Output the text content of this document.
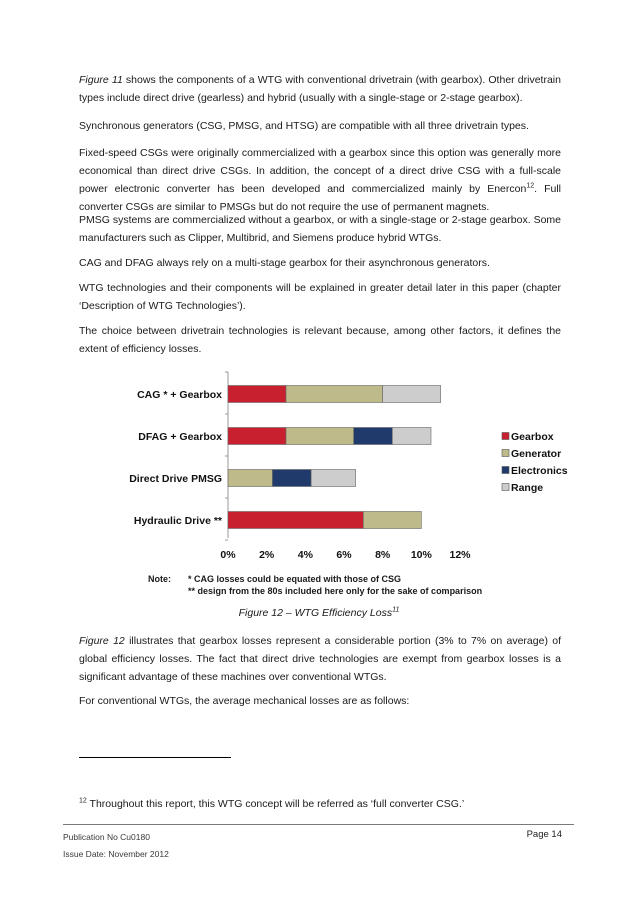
Figure 11 shows the components of a WTG with conventional drivetrain (with gearbox). Other drivetrain types include direct drive (gearless) and hybrid (usually with a single-stage or 2-stage gearbox).

Synchronous generators (CSG, PMSG, and HTSG) are compatible with all three drivetrain types.

Fixed-speed CSGs were originally commercialized with a gearbox since this option was generally more economical than direct drive CSGs. In addition, the concept of a direct drive CSG with a full-scale power electronic converter has been developed and commercialized mainly by Enercon$^{12}$. Full converter CSGs are similar to PMSGs but do not require the use of permanent magnets.

PMSG systems are commercialized without a gearbox, or with a single-stage or 2-stage gearbox. Some manufacturers such as Clipper, Multibrid, and Siemens produce hybrid WTGs.

CAG and DFAG always rely on a multi-stage gearbox for their asynchronous generators.

WTG technologies and their components will be explained in greater detail later in this paper (chapter ‘Description of WTG Technologies’).

The choice between drivetrain technologies is relevant because, among other factors, it defines the extent of efficiency losses.

CAG * + Gearbox
DFAG + Gearbox
Direct Drive PMSG
Hydraulic Drive **
0% 2% 4% 6% 8% 10% 12%
Gearbox
Generator
Electronics
Range
Note: * CAG losses could be equated with those of CSG
** design from the 80s included here only for the sake of comparison
Figure 12 – WTG Efficiency Loss$^{11}$

Figure 12 illustrates that gearbox losses represent a considerable portion (3% to 7% on average) of global efficiency losses. The fact that direct drive technologies are exempt from gearbox losses is a significant advantage of these machines over conventional WTGs.

For conventional WTGs, the average mechanical losses are as follows:

$^{12}$ Throughout this report, this WTG concept will be referred as ‘full converter CSG.’
Publication No Cu0180
Issue Date: November 2012
Page 14
